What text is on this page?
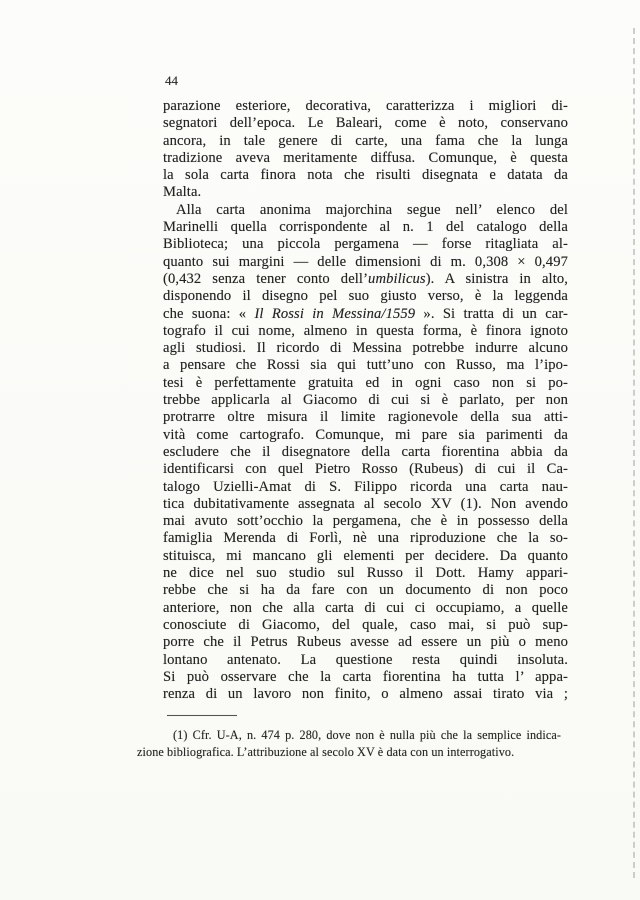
44
parazione esteriore, decorativa, caratterizza i migliori di-
segnatori dell’epoca. Le Baleari, come è noto, conservano
ancora, in tale genere di carte, una fama che la lunga
tradizione aveva meritamente diffusa. Comunque, è questa
la sola carta finora nota che risulti disegnata e datata da
Malta.
Alla carta anonima majorchina segue nell’ elenco del
Marinelli quella corrispondente al n. 1 del catalogo della
Biblioteca; una piccola pergamena — forse ritagliata al-
quanto sui margini — delle dimensioni di m. 0,308 × 0,497
(0,432 senza tener conto dell’umbilicus). A sinistra in alto,
disponendo il disegno pel suo giusto verso, è la leggenda
che suona: « Il Rossi in Messina/1559 ». Si tratta di un car-
tografo il cui nome, almeno in questa forma, è finora ignoto
agli studiosi. Il ricordo di Messina potrebbe indurre alcuno
a pensare che Rossi sia qui tutt’uno con Russo, ma l’ipo-
tesi è perfettamente gratuita ed in ogni caso non si po-
trebbe applicarla al Giacomo di cui si è parlato, per non
protrarre oltre misura il limite ragionevole della sua atti-
vità come cartografo. Comunque, mi pare sia parimenti da
escludere che il disegnatore della carta fiorentina abbia da
identificarsi con quel Pietro Rosso (Rubeus) di cui il Ca-
talogo Uzielli-Amat di S. Filippo ricorda una carta nau-
tica dubitativamente assegnata al secolo XV (1). Non avendo
mai avuto sott’occhio la pergamena, che è in possesso della
famiglia Merenda di Forlì, nè una riproduzione che la so-
stituisca, mi mancano gli elementi per decidere. Da quanto
ne dice nel suo studio sul Russo il Dott. Hamy appari-
rebbe che si ha da fare con un documento di non poco
anteriore, non che alla carta di cui ci occupiamo, a quelle
conosciute di Giacomo, del quale, caso mai, si può sup-
porre che il Petrus Rubeus avesse ad essere un più o meno
lontano antenato. La questione resta quindi insoluta.
Si può osservare che la carta fiorentina ha tutta l’ appa-
renza di un lavoro non finito, o almeno assai tirato via ;
(1) Cfr. U-A, n. 474 p. 280, dove non è nulla più che la semplice indica-
zione bibliografica. L’attribuzione al secolo XV è data con un interrogativo.
